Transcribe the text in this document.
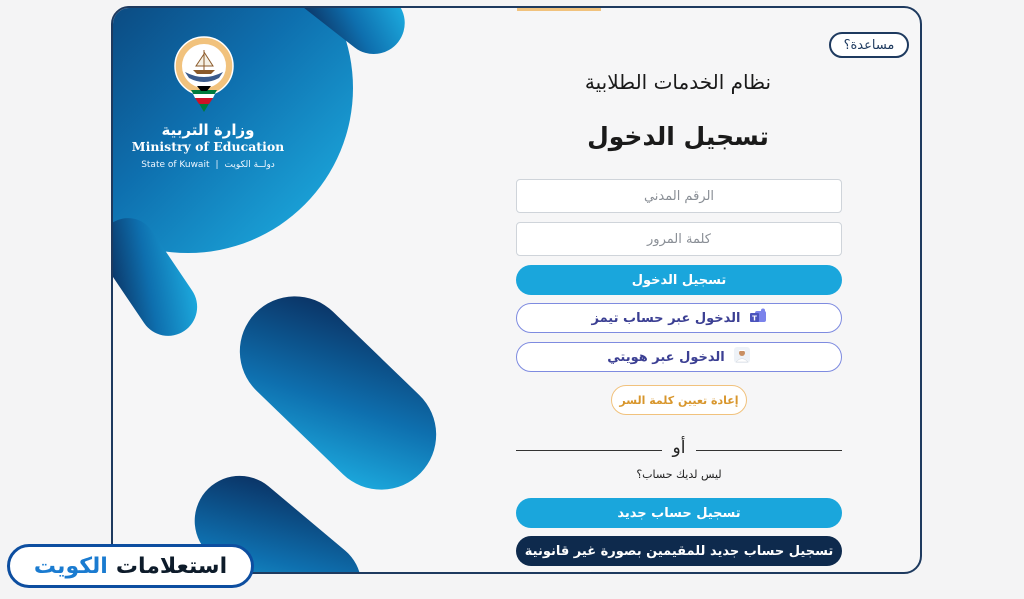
وزارة التربية
Ministry of Education
State of Kuwait | دولــة الكويت
مساعدة؟
نظام الخدمات الطلابية
تسجيل الدخول
الرقم المدني
تسجيل الدخول
الدخول عبر حساب تيمز T
الدخول عبر هويتي
إعادة تعيين كلمة السر
أو
ليس لديك حساب؟
تسجيل حساب جديد
تسجيل حساب جديد للمقيمين بصورة غير قانونية
استعلامات
الكويت
